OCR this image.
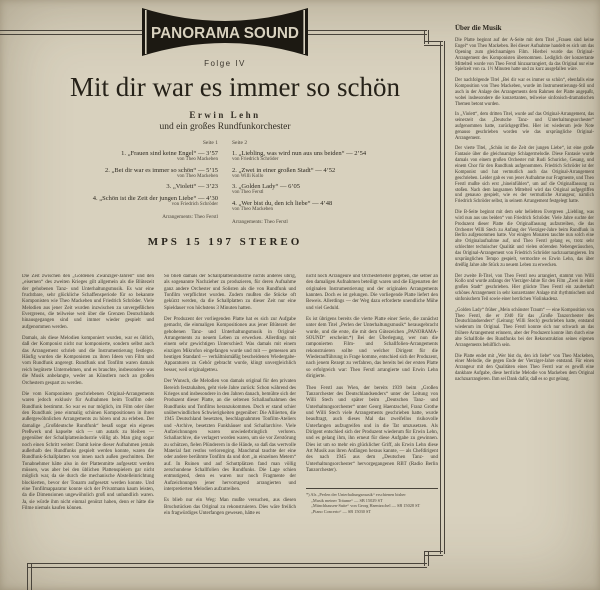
PANORAMA SOUND
Folge IV
Mit dir war es immer so schön
Erwin Lehn
und ein großes Rundfunkorchester
Seite 1
1. „Frauen sind keine Engel“ — 3’57
von Theo Mackeben
2. „Bei dir war es immer so schön“ — 5’15
von Theo Mackeben
3. „Violett“ — 3’23
4. „Schön ist die Zeit der jungen Liebe“ — 4’30
von Friedrich Schröder
Arrangements: Theo Ferstl
Seite 2
1. „Liebling, was wird nun aus uns beiden“ — 2’54
von Friedrich Schröder
2. „Zwei in einer großen Stadt“ — 4’52
von Willi Kollo
3. „Golden Lady“ — 6’05
von Theo Ferstl
4. „Wer bist du, den ich liebe“ — 4’48
von Theo Mackeben
Arrangements: Theo Ferstl
MPS 15 197 STEREO

Die Zeit zwischen den „Goldenen Zwanziger-Jahren“ und den „eisernen“ des zweiten Krieges gilt allgemein als die Blütezeit der gehobenen Tanz- und Unterhaltungsmusik. Es war eine fruchtbare, sehr glückliche Schaffensperiode für so bekannte Komponisten wie Theo Mackeben und Friedrich Schröder. Viele Melodien aus jener Zeit wurden inzwischen zu unvergeßlichen Evergreens, die teilweise weit über die Grenzen Deutschlands hinausgegangen sind und immer wieder gespielt und aufgenommen werden.

Damals, als diese Melodien komponiert wurden, war es üblich, daß der Komponist nicht nur komponierte, sondern selbst auch das Arrangement schrieb und die Instrumentierung festlegte. Häufig wurden die Komponisten zu ihren Ideen von Film und vom Rundfunk angeregt. Rundfunk und Tonfilm waren damals reich begüterte Unternehmen, und es brauchte, insbesondere was die Musik anbelangte, weder an Künstlern noch an großen Orchestern gespart zu werden.

Die vom Komponisten geschriebenen Original-Arrangements waren jedoch exklusiv für Aufnahmen beim Tonfilm oder Rundfunk bestimmt. So war es nur möglich, im Film oder über den Rundfunk jene einmalig schönen Kompositionen in ihren außergewöhnlichen Arrangements zu hören und zu erleben. Der damalige „Großdeutsche Rundfunk“ besaß sogar ein eigenes Preßwerk und kapselte sich — um autark zu bleiben — gegenüber der Schallplattenindustrie völlig ab. Man ging sogar noch einen Schritt weiter: Damit keine dieser Aufnahmen jemals außerhalb des Rundfunks gespielt werden konnte, waren die Rundfunk-Schallplatten von innen nach außen geschnitten. Der Tonabnehmer hätte also in der Plattenmitte aufgesetzt werden müssen, was aber bei den üblichen Plattenspielern gar nicht möglich war, da sie durch die mechanische Abstelleinrichtung blockierten, bevor der Tonarm aufgesetzt werden konnte. Und eine Tonfilmapparatur konnte sich der Privatmann kaum leisten, da die Dimensionen ungewöhnlich groß und unhandlich waren. Ja, sie würde ihm nicht einmal genützt haben, denn er hätte die Filme niemals kaufen können.

So blieb damals der Schallplattenindustrie nichts anderes übrig, als sogenannte Nachzieher zu produzieren, für deren Aufnahme ganz andere Orchester und Solisten als die von Rundfunk und Tonfilm verpflichtet wurden. Zudem mußten die Stücke oft gekürzt werden, da die Schallplatten zu dieser Zeit nur eine Spieldauer von höchstens 3 Minuten hatten.

Der Produzent der vorliegenden Platte hat es sich zur Aufgabe gemacht, die einmaligen Kompositionen aus jener Blütezeit der gehobenen Tanz- und Unterhaltungsmusik in Original-Arrangements zu neuem Leben zu erwecken. Allerdings mit einem sehr gewichtigen Unterschied: Was damals mit einem einzigen Mikrofon eingefangen wurde und mit — gemessen am heutigen Standard — verhältnismäßig bescheidenen Wiedergabe-Apparaturen zu Gehör gebracht wurde, klingt unvergleichlich besser, weil originalgetreu.

Der Wunsch, die Melodien von damals original für den privaten Bereich festzuhalten, geht viele Jahre zurück: Schon während des Krieges und insbesondere in den Jahren danach, bemühte sich der Produzent dieser Platte, an die seltenen Schallaufnahmen des Rundfunks und Tonfilms heranzukommen. Doch er stand schier unüberwindlichen Schwierigkeiten gegenüber: Die Alliierten, die 1945 Deutschland besetzten, beschlagnahmten Tonfilm-Ateliers und -Archive, besetzten Funkhäuser und Schallarchive. Viele Aufzeichnungen waren unwiederbringlich verloren. Schallarchive, die verlagert worden waren, um sie vor Zerstörung zu schützen, fielen Plünderern in die Hände, so daß das wertvolle Material fast restlos verlorenging. Manchmal tauchte der eine oder andere berühmte Tonfilm da und dort „in einzelnen Metern“ auf. In Ruinen und auf Schuttplätzen fand man völlig zerschundene Schallfolien des Rundfunks. Die Lage schien entmutigend, denn es waren nur noch Fragmente der Aufzeichnungen jener hervorragend arrangierten und interpretierten Melodien aufzutreiben.

Es blieb nur ein Weg: Man mußte versuchen, aus diesen Bruchstücken das Original zu rekonstruieren. Dies wäre freilich ein fragwürdiges Unterfangen gewesen, hätte es

nicht noch Arrangeure und Orchesterleiter gegeben, die selber an den damaligen Aufnahmen beteiligt waren und die Eigenarten der originalen Instrumentierung und der originalen Arrangements kannten. Doch es ist gelungen. Die vorliegende Platte liefert den Beweis. Allerdings — der Weg dazu erforderte unendliche Mühe und viel Geduld.

Es ist übrigens bereits die vierte Platte einer Serie, die zunächst unter dem Titel „Perlen der Unterhaltungsmusik“ herausgebracht wurde, und die erste, die mit dem Gütezeichen „PANORAMA-SOUND“ erscheint.*) Bei der Überlegung, wer nun die ramponierten Film- und Schallfolien-Arrangements rekonstruieren sollte und welcher Dirigent für die Wiederaufführung in Frage komme, entschied sich der Produzent, nach jenem Rezept zu verfahren, das bereits bei der ersten Platte so erfolgreich war: Theo Ferstl arrangierte und Erwin Lehn dirigierte.

Theo Ferstl aus Wien, der bereits 1939 beim „Großen Tanzorchester des Deutschlandsenders“ unter der Leitung von Willi Stech und später beim „Deutschen Tanz- und Unterhaltungsorchester“ unter Georg Haentzschel, Franz Grothe und Willi Stech viele Arrangements geschrieben hatte, wurde beauftragt, auch dieses Mal das zweifellos risikovolle Unterfangen aufzugreifen und in die Tat umzusetzen. Als Dirigent entschied sich der Produzent wiederum für Erwin Lehn, und es gelang ihm, ihn erneut für diese Aufgabe zu gewinnen. Dies ist um so mehr ein glücklicher Griff, als Erwin Lehn diese Art Musik aus ihren Anfängen heraus kannte, — als Chefdirigent des nach 1945 aus dem „Deutschen Tanz- und Unterhaltungsorchester“ hervorgegangenen RBT (Radio Berlin Tanzorchester).

*) Als „Perlen der Unterhaltungsmusik“ erschienen bisher
„Musik meiner Träume“ — SB 15029 ST
„Münchhausen-Suite“ von Georg Haentzschel — SB 15028 ST
„Piano Concerto“ — SB 15030 ST
Über die Musik

Die Platte beginnt auf der A-Seite mit dem Titel „Frauen sind keine Engel“ von Theo Mackeben. Bei dieser Aufnahme handelt es sich um das Opening zum gleichnamigen Film. Hierbei wurde das Original-Arrangement des Komponisten übernommen. Lediglich der konzertante Mittelteil wurde von Theo Ferstl hinzuarrangiert, da das Original nur eine Spielzeit von ca. 1½ Minuten hatte und zu kurz ausgefallen wäre.

Der nachfolgende Titel „Bei dir war es immer so schön“, ebenfalls eine Komposition von Theo Mackeben, wurde im Instrumentierungs-Stil und auch in der Anlage des Arrangements dem Rahmen der Platte angepaßt, wobei insbesondere die konzertanten, teilweise sinfonisch-dramatischen Themen betont wurden.

In „Violett“, dem dritten Titel, wurde auf das Original-Arrangement, das seinerzeit das „Deutsche Tanz- und Unterhaltungsorchester“ aufgenommen hatte, zurückgegriffen. Hier ist wiederum jede Note genauso geschrieben worden wie das ursprüngliche Original-Arrangement.

Der vierte Titel, „Schön ist die Zeit der jungen Liebe“, ist eine große Fantasie über die gleichnamige Schlagermelodie. Diese Fantasie wurde damals von einem großen Orchester mit Rudi Schuricke, Gesang, und einem Chor für den Rundfunk aufgenommen. Friedrich Schröder ist der Komponist und hat vermutlich auch das Original-Arrangement geschrieben. Leider gab es von jener Aufnahme nur Fragmente, und Theo Ferstl mußte sich erst „hineinfühlen“, um auf die Originalfassung zu stoßen. Nach dem langsamen Mittelteil wird das Original aufgegriffen und genauso gespielt, wie es der vermutliche Arrangeur, nämlich Friedrich Schröder selbst, in seinem Arrangement festgelegt hatte.

Die B-Seite beginnt mit dem sehr beliebten Evergreen „Liebling, was wird nun aus uns beiden“ von Friedrich Schröder. Viele Jahre suchte der Produzent dieser Platte die Originalfassung aufzutreiben, die das Orchester Willi Stech zu Anfang der Vierziger-Jahre beim Rundfunk in Berlin aufgenommen hatte. Vor einigen Monaten tauchte nun solch eine alte Originalaufnahme auf, und Theo Ferstl gelang es, trotz sehr schlechter technischer Qualität und vielen störenden Nebengeräuschen, das Original-Arrangement von Friedrich Schröder nachzuarrangieren. Im ursprünglichen Tempo gespielt, vermochte es Erwin Lehn, das über dreißig Jahre alte Stück zu neuem Leben zu erwecken.

Der zweite B-Titel, von Theo Ferstl neu arrangiert, stammt von Willi Kollo und wurde anfangs der Vierziger-Jahre für den Film „Zwei in einer großen Stadt“ geschrieben. Hier glückte Theo Ferstl ein zauberhaft schönes Arrangement in sehr konzertanter Anlage mit rhythmischem und sinfonischem Teil sowie einer herrlichen Violinkadenz.

„Golden Lady“ früher „Mein schönster Traum“ — eine Komposition von Theo Ferstl, die er 1940 für das „Große Tanzorchester des Deutschlandsenders“ (Leitung: Willi Stech) geschrieben hatte, entstand wiederum im Original. Theo Ferstl konnte sich nur schwach an das frühere Arrangement erinnern, aber der Produzent konnte ihm durch eine alte Schallfolie des Rundfunks bei der Rekonstruktion seines eigenen Arrangements behilflich sein.

Die Platte endet mit „Wer bist du, den ich liebe“ von Theo Mackeben, einer Melodie, die gegen Ende der Vierziger-Jahre entstand. Für einen Arrangeur mit den Qualitäten eines Theo Ferstl war es gewiß eine dankbare Aufgabe, diese herrliche Melodie von Mackeben dem Original nachzuarrangieren. Ihm sei Dank dafür, daß es so gut gelang.
